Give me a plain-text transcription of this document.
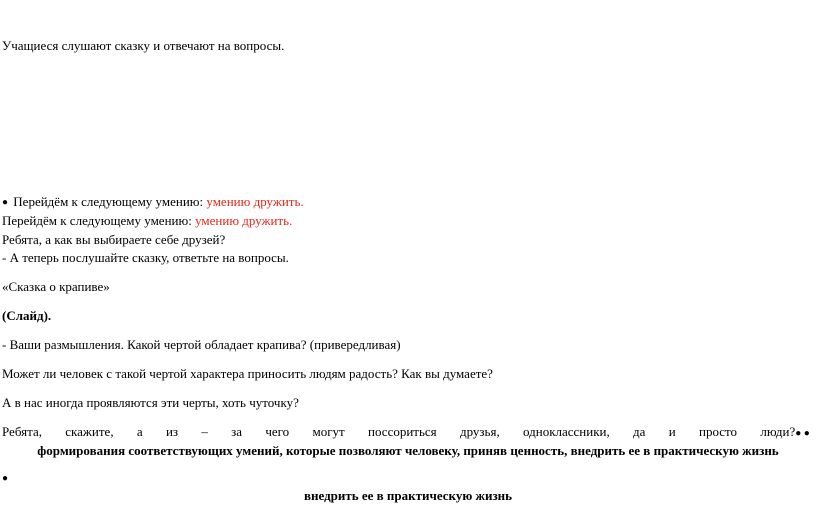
Учащиеся слушают сказку и отвечают на вопросы.
● Перейдём к следующему умению: умению дружить.
Перейдём к следующему умению: умению дружить.
Ребята, а как вы выбираете себе друзей?
- А теперь послушайте сказку, ответьте на вопросы.
«Сказка о крапиве»
(Слайд).
- Ваши размышления. Какой чертой обладает крапива? (привередливая)
Может ли человек с такой чертой характера приносить людям радость? Как вы думаете?
А в нас иногда проявляются эти черты, хоть чуточку?
Ребята, скажите, а из – за чего могут поссориться друзья, одноклассники, да и просто люди?● ●
формирования соответствующих умений, которые позволяют человеку, приняв ценность, внедрить ее в практическую жизнь
●
внедрить ее в практическую жизнь
